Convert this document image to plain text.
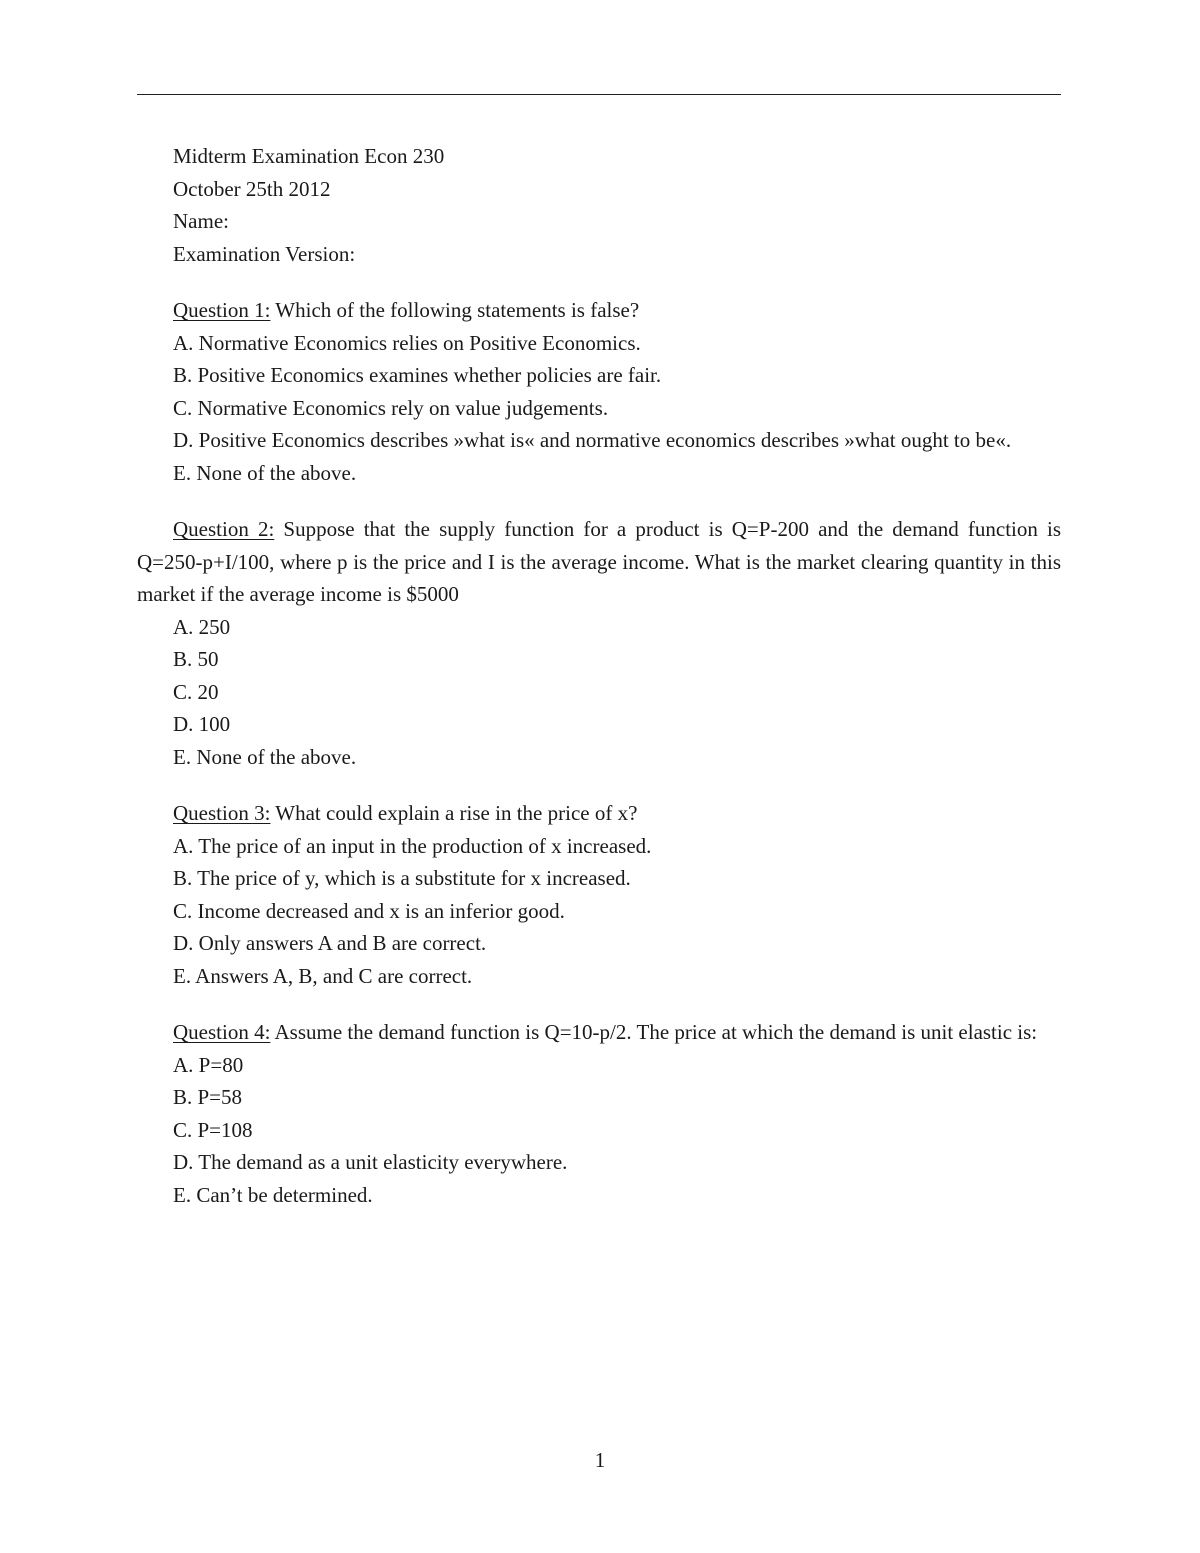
Midterm Examination Econ 230
October 25th 2012
Name:
Examination Version:
Question 1: Which of the following statements is false?
A. Normative Economics relies on Positive Economics.
B. Positive Economics examines whether policies are fair.
C. Normative Economics rely on value judgements.
D. Positive Economics describes »what is« and normative economics describes »what ought to be«.
E. None of the above.
Question 2: Suppose that the supply function for a product is Q=P-200 and the demand function is Q=250-p+I/100, where p is the price and I is the average income. What is the market clearing quantity in this market if the average income is $5000
A. 250
B. 50
C. 20
D. 100
E. None of the above.
Question 3: What could explain a rise in the price of x?
A. The price of an input in the production of x increased.
B. The price of y, which is a substitute for x increased.
C. Income decreased and x is an inferior good.
D. Only answers A and B are correct.
E. Answers A, B, and C are correct.
Question 4: Assume the demand function is Q=10-p/2. The price at which the demand is unit elastic is:
A. P=80
B. P=58
C. P=108
D. The demand as a unit elasticity everywhere.
E. Can’t be determined.
1
